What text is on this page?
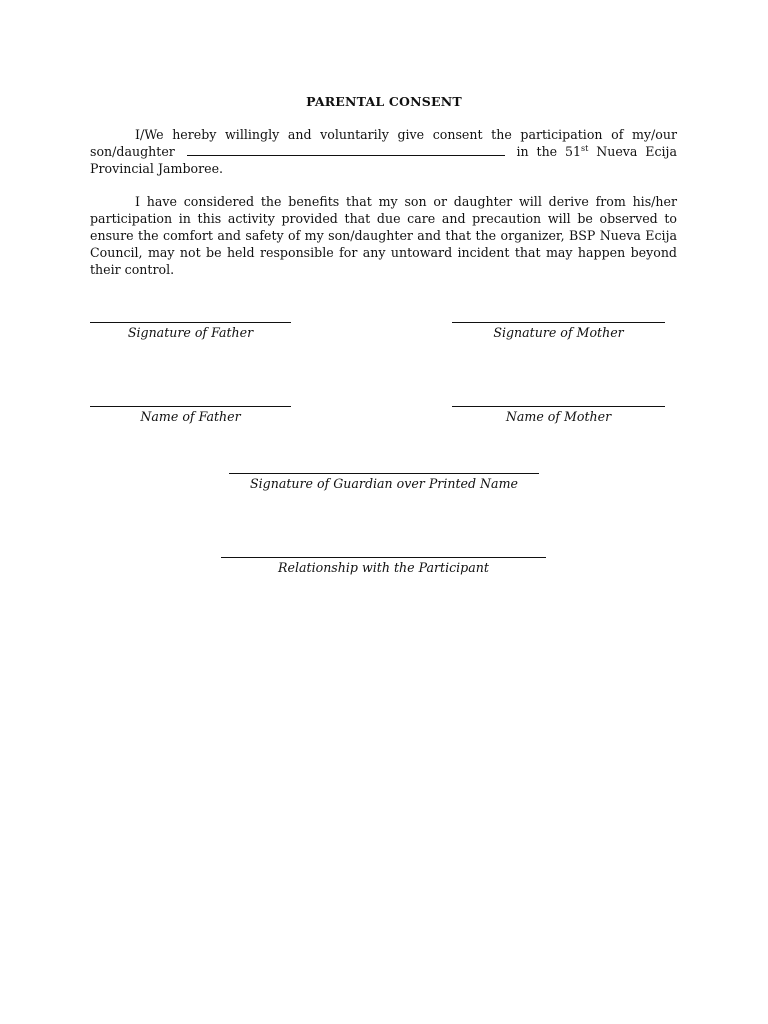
PARENTAL CONSENT
I/We hereby willingly and voluntarily give consent the participation of my/our son/daughter	in the 51st Nueva Ecija Provincial Jamboree.
I have considered the benefits that my son or daughter will derive from his/her participation in this activity provided that due care and precaution will be observed to ensure the comfort and safety of my son/daughter and that the organizer, BSP Nueva Ecija Council, may not be held responsible for any untoward incident that may happen beyond their control.
Signature of Father	Signature of Mother
Name of Father	Name of Mother
Signature of Guardian over Printed Name
Relationship with the Participant
